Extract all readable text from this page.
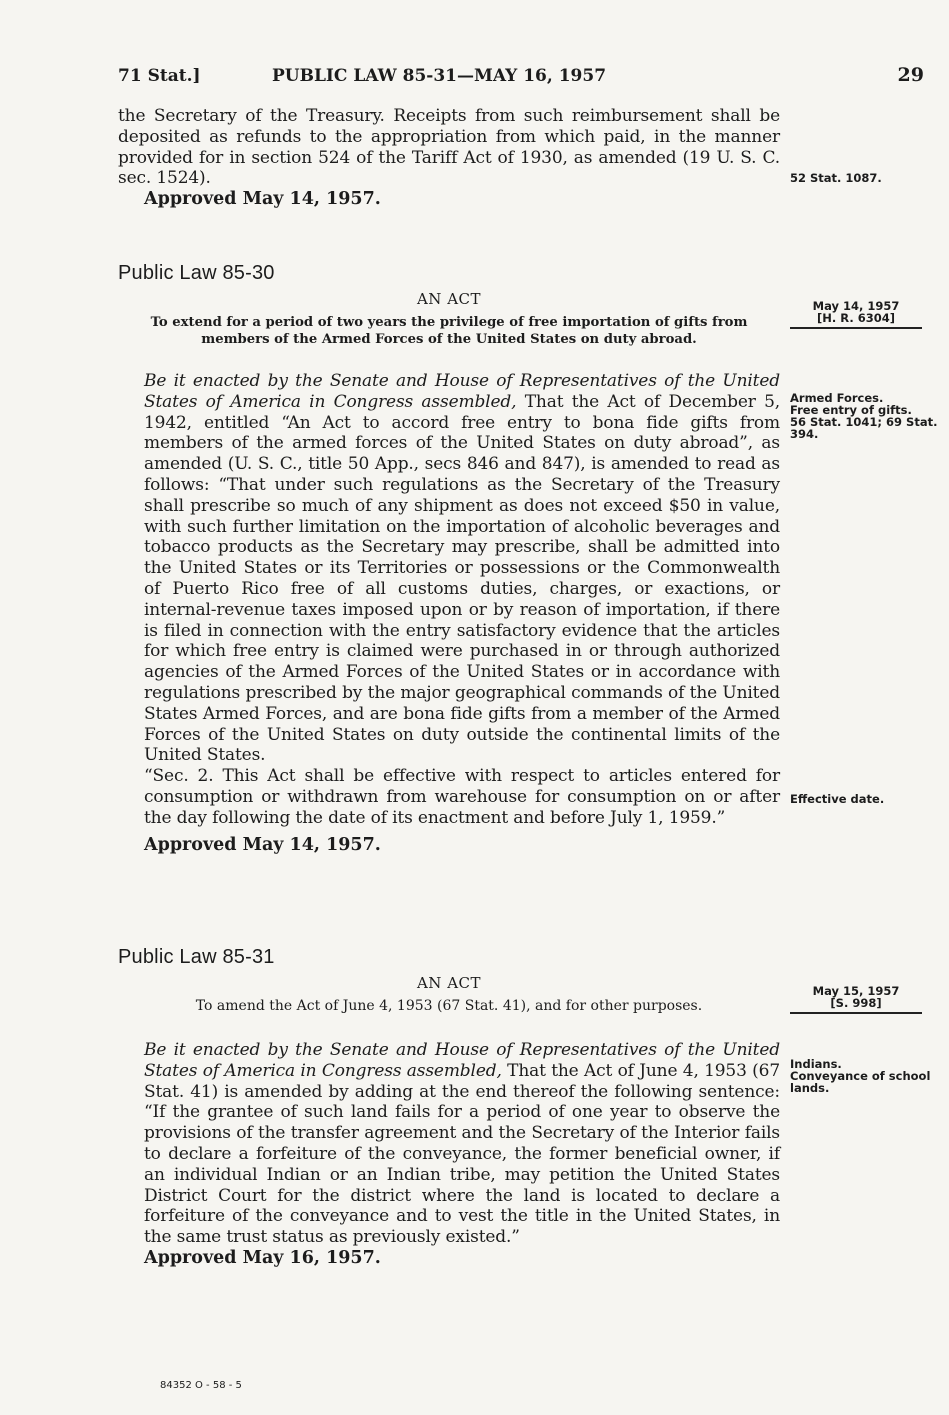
71 Stat.]	PUBLIC LAW 85-31—MAY 16, 1957	29

the Secretary of the Treasury. Receipts from such reimbursement shall be deposited as refunds to the appropriation from which paid, in the manner provided for in section 524 of the Tariff Act of 1930, as amended (19 U. S. C. sec. 1524).

Approved May 14, 1957.

52 Stat. 1087.
Public Law 85-30
AN ACT
To extend for a period of two years the privilege of free importation of gifts from members of the Armed Forces of the United States on duty abroad.
May 14, 1957
[H. R. 6304]

Be it enacted by the Senate and House of Representatives of the United States of America in Congress assembled, That the Act of December 5, 1942, entitled “An Act to accord free entry to bona fide gifts from members of the armed forces of the United States on duty abroad”, as amended (U. S. C., title 50 App., secs 846 and 847), is amended to read as follows: “That under such regulations as the Secretary of the Treasury shall prescribe so much of any shipment as does not exceed $50 in value, with such further limitation on the importation of alcoholic beverages and tobacco products as the Secretary may prescribe, shall be admitted into the United States or its Territories or possessions or the Commonwealth of Puerto Rico free of all customs duties, charges, or exactions, or internal-revenue taxes imposed upon or by reason of importation, if there is filed in connection with the entry satisfactory evidence that the articles for which free entry is claimed were purchased in or through authorized agencies of the Armed Forces of the United States or in accordance with regulations prescribed by the major geographical commands of the United States Armed Forces, and are bona fide gifts from a member of the Armed Forces of the United States on duty outside the continental limits of the United States.

“Sec. 2. This Act shall be effective with respect to articles entered for consumption or withdrawn from warehouse for consumption on or after the day following the date of its enactment and before July 1, 1959.”

Approved May 14, 1957.

Armed Forces.
Free entry of gifts.
56 Stat. 1041; 69 Stat. 394.
Effective date.
Public Law 85-31
AN ACT
To amend the Act of June 4, 1953 (67 Stat. 41), and for other purposes.
May 15, 1957
[S. 998]

Be it enacted by the Senate and House of Representatives of the United States of America in Congress assembled, That the Act of June 4, 1953 (67 Stat. 41) is amended by adding at the end thereof the following sentence: “If the grantee of such land fails for a period of one year to observe the provisions of the transfer agreement and the Secretary of the Interior fails to declare a forfeiture of the conveyance, the former beneficial owner, if an individual Indian or an Indian tribe, may petition the United States District Court for the district where the land is located to declare a forfeiture of the conveyance and to vest the title in the United States, in the same trust status as previously existed.”

Approved May 16, 1957.

Indians.
Conveyance of school lands.
84352 O - 58 - 5
